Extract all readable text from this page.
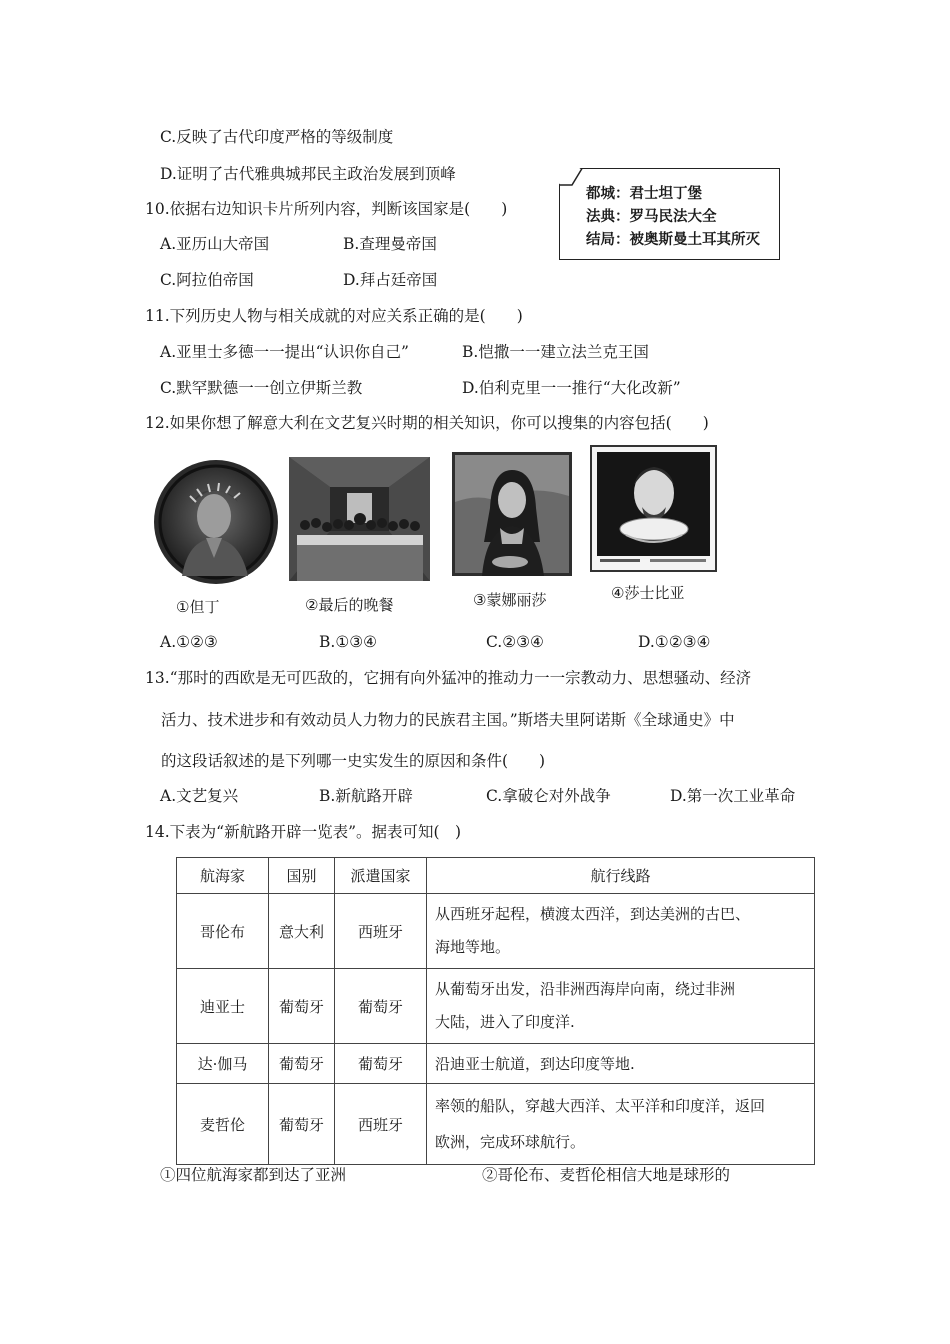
C.反映了古代印度严格的等级制度
D.证明了古代雅典城邦民主政治发展到顶峰
10.依据右边知识卡片所列内容，判断该国家是(　　)
A.亚历山大帝国	B.查理曼帝国
C.阿拉伯帝国	D.拜占廷帝国
都城：君士坦丁堡
法典：罗马民法大全
结局：被奥斯曼土耳其所灭
11.下列历史人物与相关成就的对应关系正确的是(　　)
A.亚里士多德一一提出“认识你自己”	B.恺撒一一建立法兰克王国
C.默罕默德一一创立伊斯兰教	D.伯利克里一一推行“大化改新”
12.如果你想了解意大利在文艺复兴时期的相关知识，你可以搜集的内容包括(　　)
①但丁	②最后的晚餐	③蒙娜丽莎	④莎士比亚
A.①②③	B.①③④	C.②③④	D.①②③④
13.“那时的西欧是无可匹敌的，它拥有向外猛冲的推动力一一宗教动力、思想骚动、经济
活力、技术进步和有效动员人力物力的民族君主国。”斯塔夫里阿诺斯《全球通史》中
的这段话叙述的是下列哪一史实发生的原因和条件(　　)
A.文艺复兴	B.新航路开辟	C.拿破仑对外战争	D.第一次工业革命
14.下表为“新航路开辟一览表”。据表可知(　)
航海家	国别	派遣国家	航行线路
哥伦布	意大利	西班牙	从西班牙起程，横渡太西洋，到达美洲的古巴、
海地等地。

迪亚士	葡萄牙	葡萄牙	从葡萄牙出发，沿非洲西海岸向南，绕过非洲
大陆，进入了印度洋.

达·伽马	葡萄牙	葡萄牙	沿迪亚士航道，到达印度等地.

麦哲伦	葡萄牙	西班牙	率领的船队，穿越大西洋、太平洋和印度洋，返回
欧洲，完成环球航行。
①四位航海家都到达了亚洲	②哥伦布、麦哲伦相信大地是球形的
